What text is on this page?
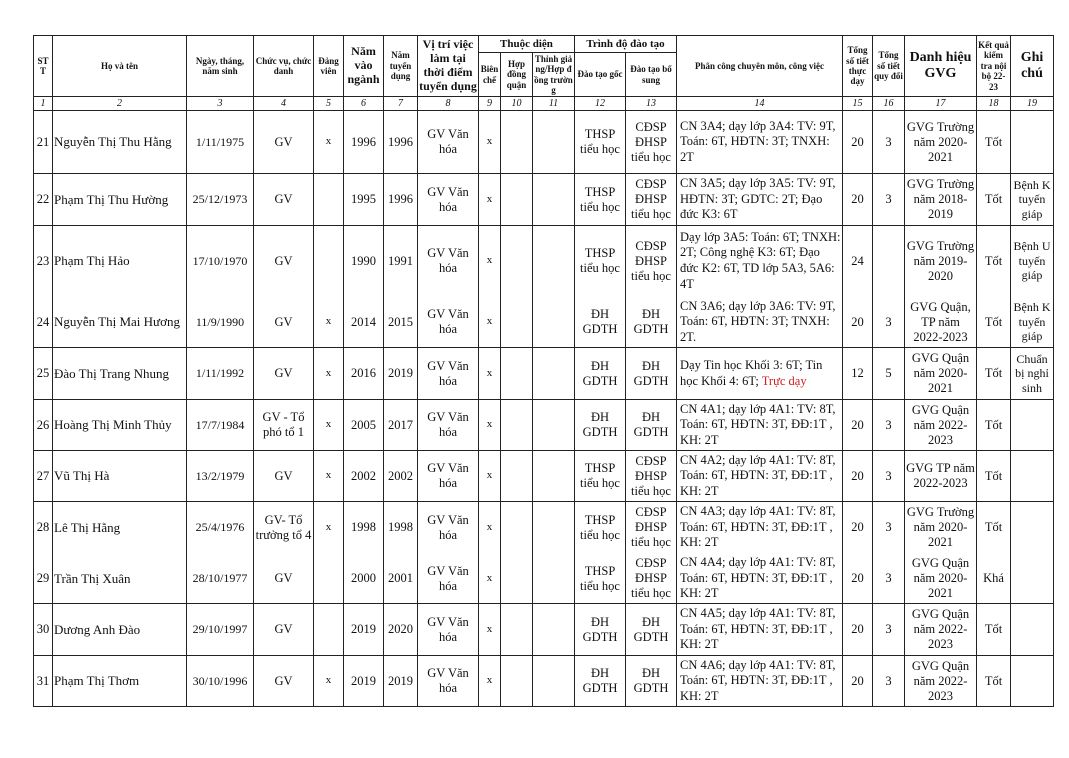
ST T	Họ và tên	Ngày, tháng, năm sinh	Chức vụ, chức danh	Đảng viên	Năm vào ngành	Năm tuyển dụng	Vị trí việc làm tại thời điểm tuyển dụng	Thuộc diện			Trình độ đào tạo		Phân công chuyên môn, công việc	Tổng số tiết thực dạy	Tổng số tiết quy đổi	Danh hiệu GVG	Kết quả kiểm tra nội bộ 22- 23	Ghi chú
								Biên chế	Hợp đồng quận	Thỉnh giảng/Hợp đồng trường	Đào tạo gốc	Đào tạo bổ sung						
1	2	3	4	5	6	7	8	9	10	11	12	13	14	15	16	17	18	19
21	Nguyễn Thị Thu Hằng	1/11/1975	GV	x	1996	1996	GV Văn hóa	x			THSP tiểu học	CĐSP ĐHSP tiểu học	CN 3A4; dạy lớp 3A4: TV: 9T, Toán: 6T, HĐTN: 3T; TNXH: 2T	20	3	GVG Trường năm 2020-2021	Tốt	
22	Phạm Thị Thu Hường	25/12/1973	GV		1995	1996	GV Văn hóa	x			THSP tiểu học	CĐSP ĐHSP tiểu học	CN 3A5; dạy lớp 3A5: TV: 9T, HĐTN: 3T; GDTC: 2T; Đạo đức K3: 6T	20	3	GVG Trường năm 2018-2019	Tốt	Bệnh K tuyến giáp
23	Phạm Thị Hảo	17/10/1970	GV		1990	1991	GV Văn hóa	x			THSP tiểu học	CĐSP ĐHSP tiểu học	Dạy lớp 3A5: Toán: 6T; TNXH: 2T; Công nghệ K3: 6T; Đạo đức K2: 6T, TD lớp 5A3, 5A6: 4T	24		GVG Trường năm 2019-2020	Tốt	Bệnh U tuyến giáp
24	Nguyễn Thị Mai Hương	11/9/1990	GV	x	2014	2015	GV Văn hóa	x			ĐH GDTH	ĐH GDTH	CN 3A6; dạy lớp 3A6: TV: 9T, Toán: 6T, HĐTN: 3T; TNXH: 2T.	20	3	GVG Quận, TP năm 2022-2023	Tốt	Bệnh K tuyến giáp
25	Đào Thị Trang Nhung	1/11/1992	GV	x	2016	2019	GV Văn hóa	x			ĐH GDTH	ĐH GDTH	Dạy Tin học Khối 3: 6T; Tin học Khối 4: 6T; Trực dạy	12	5	GVG Quận năm 2020-2021	Tốt	Chuẩn bị nghỉ sinh
26	Hoàng Thị Minh Thủy	17/7/1984	GV - Tổ phó tổ 1	x	2005	2017	GV Văn hóa	x			ĐH GDTH	ĐH GDTH	CN 4A1; dạy lớp 4A1: TV: 8T, Toán: 6T, HĐTN: 3T, ĐĐ:1T , KH: 2T	20	3	GVG Quận năm 2022-2023	Tốt	
27	Vũ Thị Hà	13/2/1979	GV	x	2002	2002	GV Văn hóa	x			THSP tiểu học	CĐSP ĐHSP tiểu học	CN 4A2; dạy lớp 4A1: TV: 8T, Toán: 6T, HĐTN: 3T, ĐĐ:1T , KH: 2T	20	3	GVG TP năm 2022-2023	Tốt	
28	Lê Thị Hằng	25/4/1976	GV- Tổ trưởng tổ 4	x	1998	1998	GV Văn hóa	x			THSP tiểu học	CĐSP ĐHSP tiểu học	CN 4A3; dạy lớp 4A1: TV: 8T, Toán: 6T, HĐTN: 3T, ĐĐ:1T , KH: 2T	20	3	GVG Trường năm 2020-2021	Tốt	
29	Trần Thị Xuân	28/10/1977	GV		2000	2001	GV Văn hóa	x			THSP tiểu học	CĐSP ĐHSP tiểu học	CN 4A4; dạy lớp 4A1: TV: 8T, Toán: 6T, HĐTN: 3T, ĐĐ:1T , KH: 2T	20	3	GVG Quận năm 2020-2021	Khá	
30	Dương Anh Đào	29/10/1997	GV		2019	2020	GV Văn hóa	x			ĐH GDTH	ĐH GDTH	CN 4A5; dạy lớp 4A1: TV: 8T, Toán: 6T, HĐTN: 3T, ĐĐ:1T , KH: 2T	20	3	GVG Quận năm 2022-2023	Tốt	
31	Phạm Thị Thơm	30/10/1996	GV	x	2019	2019	GV Văn hóa	x			ĐH GDTH	ĐH GDTH	CN 4A6; dạy lớp 4A1: TV: 8T, Toán: 6T, HĐTN: 3T, ĐĐ:1T , KH: 2T	20	3	GVG Quận năm 2022-2023	Tốt	
